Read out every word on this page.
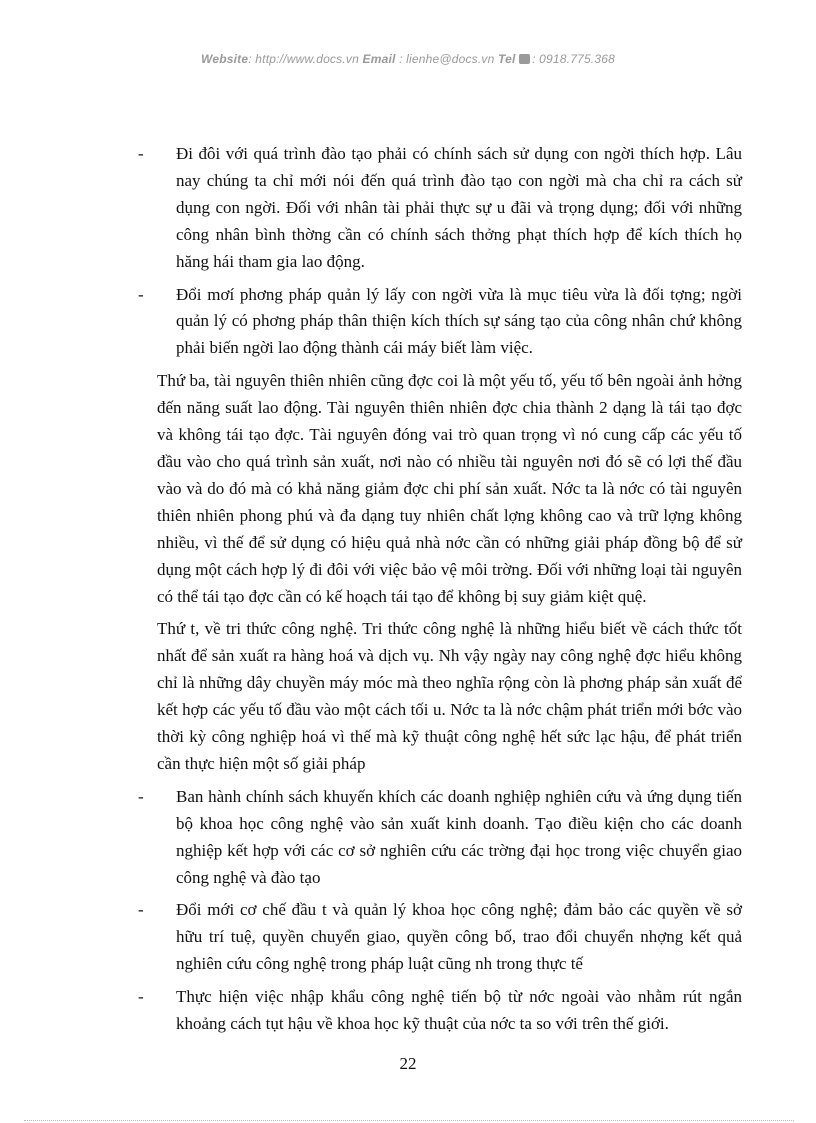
Website: http://www.docs.vn Email : lienhe@docs.vn Tel : 0918.775.368
- Đi đôi với quá trình đào tạo phải có chính sách sử dụng con ngời thích hợp. Lâu nay chúng ta chỉ mới nói đến quá trình đào tạo con ngời mà cha chỉ ra cách sử dụng con ngời. Đối với nhân tài phải thực sự u đãi và trọng dụng; đối với những công nhân bình thờng cần có chính sách thởng phạt thích hợp để kích thích họ hăng hái tham gia lao động.
- Đổi mơí phơng pháp quản lý lấy con ngời vừa là mục tiêu vừa là đối tợng; ngời quản lý có phơng pháp thân thiện kích thích sự sáng tạo của công nhân chứ không phải biến ngời lao động thành cái máy biết làm việc.

Thứ ba, tài nguyên thiên nhiên cũng đợc coi là một yếu tố, yếu tố bên ngoài ảnh hởng đến năng suất lao động. Tài nguyên thiên nhiên đợc chia thành 2 dạng là tái tạo đợc và không tái tạo đợc. Tài nguyên đóng vai trò quan trọng vì nó cung cấp các yếu tố đầu vào cho quá trình sản xuất, nơi nào có nhiều tài nguyên nơi đó sẽ có lợi thế đầu vào và do đó mà có khả năng giảm đợc chi phí sản xuất. Nớc ta là nớc có tài nguyên thiên nhiên phong phú và đa dạng tuy nhiên chất lợng không cao và trữ lợng không nhiều, vì thế để sử dụng có hiệu quả nhà nớc cần có những giải pháp đồng bộ để sử dụng một cách hợp lý đi đôi với việc bảo vệ môi trờng. Đối với những loại tài nguyên có thể tái tạo đợc cần có kế hoạch tái tạo để không bị suy giảm kiệt quệ.

Thứ t, về tri thức công nghệ. Tri thức công nghệ là những hiểu biết về cách thức tốt nhất để sản xuất ra hàng hoá và dịch vụ. Nh vậy ngày nay công nghệ đợc hiểu không chỉ là những dây chuyền máy móc mà theo nghĩa rộng còn là phơng pháp sản xuất để kết hợp các yếu tố đầu vào một cách tối u. Nớc ta là nớc chậm phát triển mới bớc vào thời kỳ công nghiệp hoá vì thế mà kỹ thuật công nghệ hết sức lạc hậu, để phát triển cần thực hiện một số giải pháp

- Ban hành chính sách khuyến khích các doanh nghiệp nghiên cứu và ứng dụng tiến bộ khoa học công nghệ vào sản xuất kinh doanh. Tạo điều kiện cho các doanh nghiệp kết hợp với các cơ sở nghiên cứu các trờng đại học trong việc chuyển giao công nghệ và đào tạo
- Đổi mới cơ chế đầu t và quản lý khoa học công nghệ; đảm bảo các quyền về sở hữu trí tuệ, quyền chuyển giao, quyền công bố, trao đổi chuyển nhợng kết quả nghiên cứu công nghệ trong pháp luật cũng nh trong thực tế
- Thực hiện việc nhập khẩu công nghệ tiến bộ từ nớc ngoài vào nhằm rút ngắn khoảng cách tụt hậu về khoa học kỹ thuật của nớc ta so với trên thế giới.
22
